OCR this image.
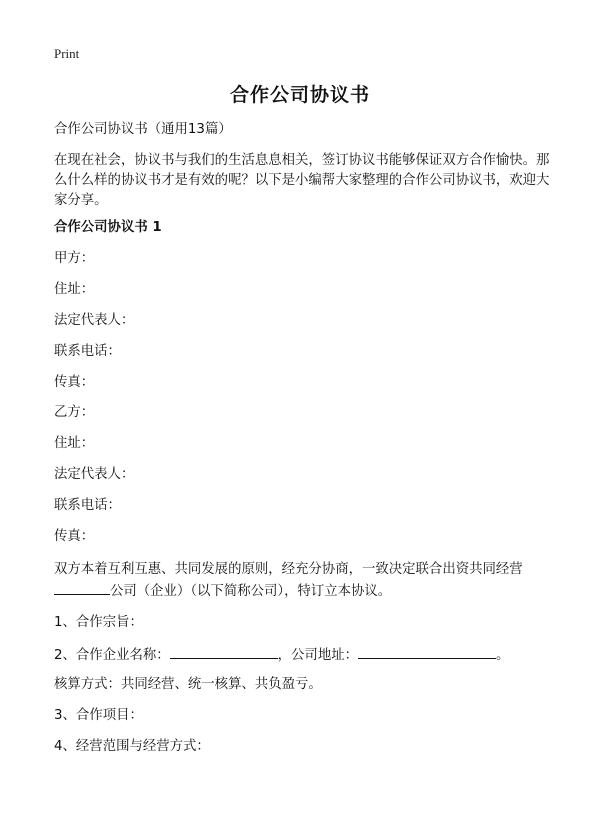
Print
合作公司协议书
合作公司协议书（通用13篇）
在现在社会，协议书与我们的生活息息相关，签订协议书能够保证双方合作愉快。那么什么样的协议书才是有效的呢？以下是小编帮大家整理的合作公司协议书，欢迎大家分享。
合作公司协议书 1
甲方：
住址：
法定代表人：
联系电话：
传真：
乙方：
住址：
法定代表人：
联系电话：
传真：
双方本着互利互惠、共同发展的原则，经充分协商，一致决定联合出资共同经营
公司（企业）（以下简称公司），特订立本协议。
1、合作宗旨：
2、合作企业名称：	，公司地址：	。
核算方式：共同经营、统一核算、共负盈亏。
3、合作项目：
4、经营范围与经营方式：
